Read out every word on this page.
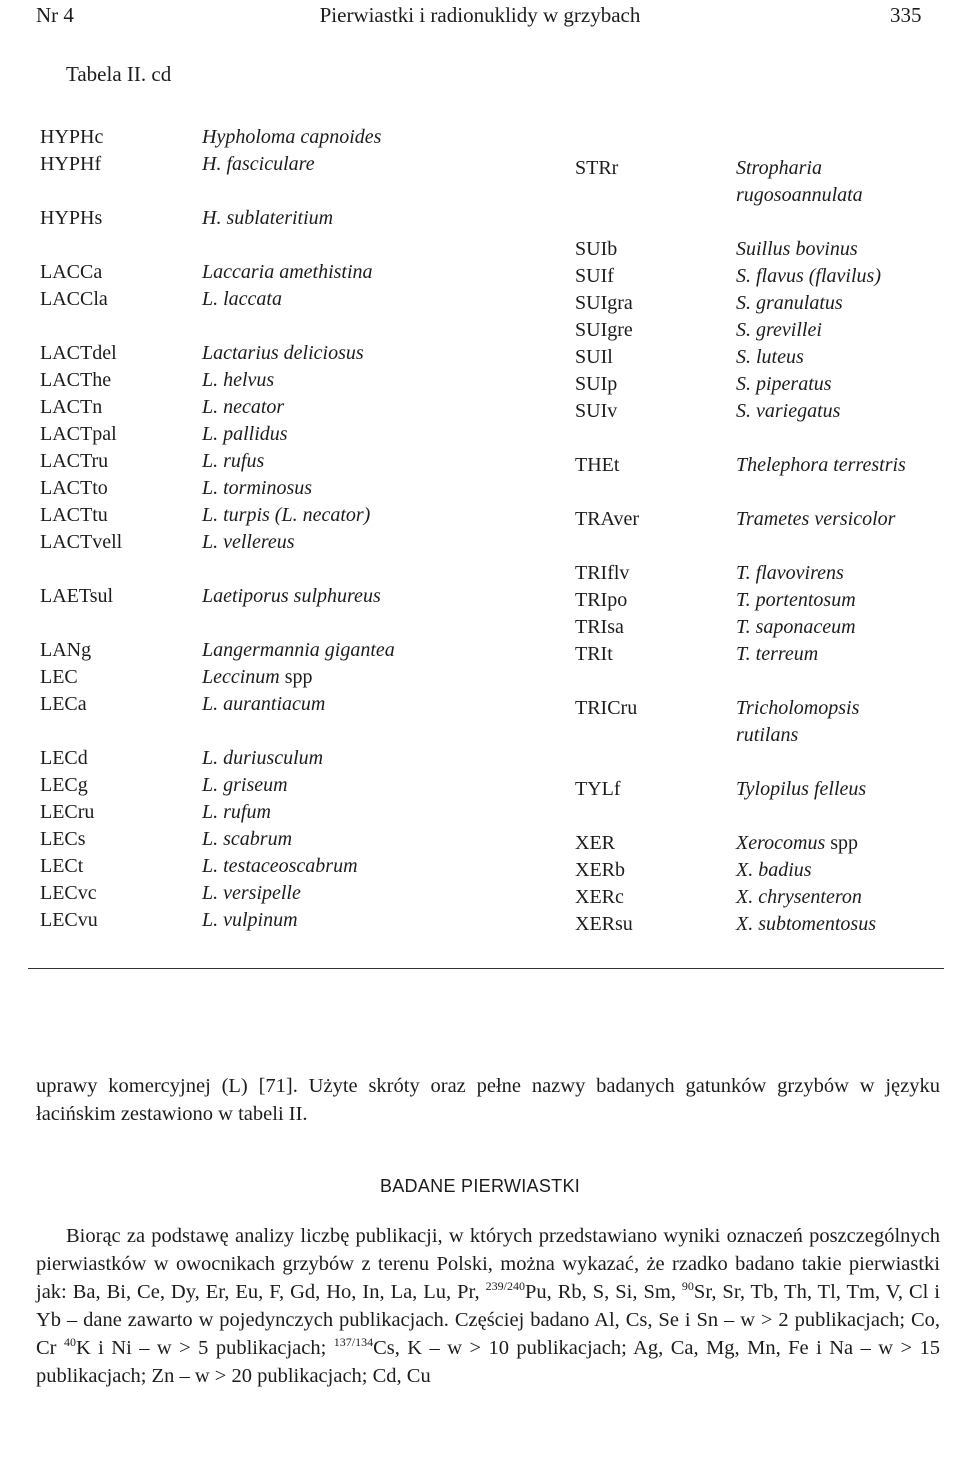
Nr 4	Pierwiastki i radionuklidy w grzybach	335
Tabela II. cd
HYPHc
HYPHf
HYPHs
LACCa
LACCla
LACTdel
LACThe
LACTn
LACTpal
LACTru
LACTto
LACTtu
LACTvell
LAETsul
LANg
LEC
LECa
LECd
LECg
LECru
LECs
LECt
LECvc
LECvu
Hypholoma capnoides
H. fasciculare
H. sublateritium
Laccaria amethistina
L. laccata
Lactarius deliciosus
L. helvus
L. necator
L. pallidus
L. rufus
L. torminosus
L. turpis (L. necator)
L. vellereus
Laetiporus sulphureus
Langermannia gigantea
Leccinum spp
L. aurantiacum
L. duriusculum
L. griseum
L. rufum
L. scabrum
L. testaceoscabrum
L. versipelle
L. vulpinum
STRr
SUIb
SUIf
SUIgra
SUIgre
SUIl
SUIp
SUIv
THEt
TRAver
TRIflv
TRIpo
TRIsa
TRIt
TRICru
TYLf
XER
XERb
XERc
XERsu
Stropharia
rugosoannulata
Suillus bovinus
S. flavus (flavilus)
S. granulatus
S. grevillei
S. luteus
S. piperatus
S. variegatus
Thelephora terrestris
Trametes versicolor
T. flavovirens
T. portentosum
T. saponaceum
T. terreum
Tricholomopsis
rutilans
Tylopilus felleus
Xerocomus spp
X. badius
X. chrysenteron
X. subtomentosus
uprawy komercyjnej (L) [71]. Użyte skróty oraz pełne nazwy badanych gatunków grzybów w języku łacińskim zestawiono w tabeli II.
BADANE PIERWIASTKI
Biorąc za podstawę analizy liczbę publikacji, w których przedstawiano wyniki oznaczeń poszczególnych pierwiastków w owocnikach grzybów z terenu Polski, można wykazać, że rzadko badano takie pierwiastki jak: Ba, Bi, Ce, Dy, Er, Eu, F, Gd, Ho, In, La, Lu, Pr, $^{239/240}$Pu, Rb, S, Si, Sm, $^{90}$Sr, Sr, Tb, Th, Tl, Tm, V, Cl i Yb – dane zawarto w pojedynczych publikacjach. Częściej badano Al, Cs, Se i Sn – w > 2 publikacjach; Co, Cr $^{40}$K i Ni – w > 5 publikacjach; $^{137/134}$Cs, K – w > 10 publikacjach; Ag, Ca, Mg, Mn, Fe i Na – w > 15 publikacjach; Zn – w > 20 publikacjach; Cd, Cu
